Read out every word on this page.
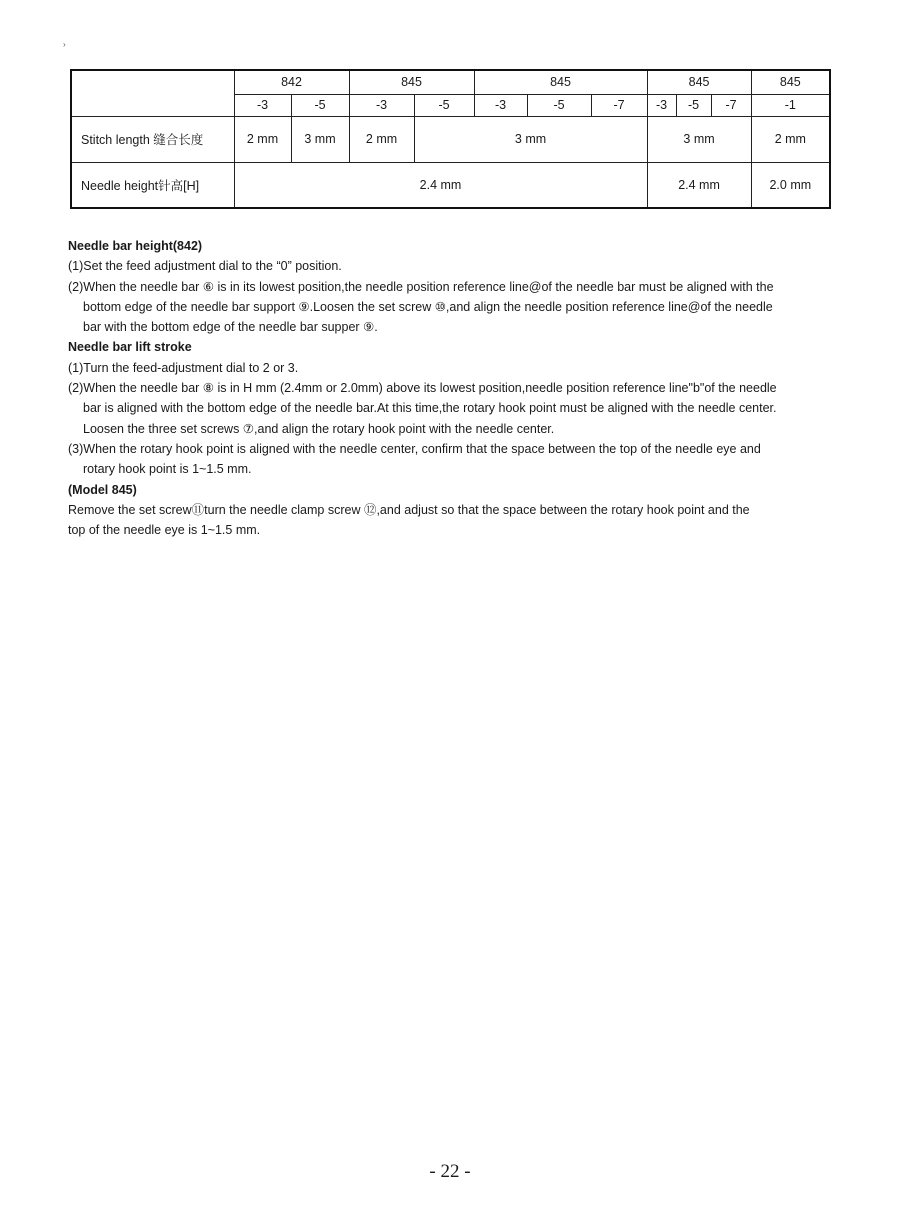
›
	842		845		845			845			845
	-3	-5	-3	-5	-3	-5	-7	-3	-5	-7	-1
Stitch length 缝合长度	2 mm	3 mm	2 mm	3 mm				3 mm			2 mm
Needle height针高[H]	2.4 mm							2.4 mm			2.0 mm

Needle bar height(842)

(1)Set the feed adjustment dial to the “0” position.

(2)When the needle bar ⑥ is in its lowest position,the needle position reference line@of the needle bar must be aligned with the

bottom edge of the needle bar support ⑨.Loosen the set screw ⑩,and align the needle position reference line@of the needle

bar with the bottom edge of the needle bar supper ⑨.

Needle bar lift stroke

(1)Turn the feed-adjustment dial to 2 or 3.

(2)When the needle bar ⑧ is in H mm (2.4mm or 2.0mm) above its lowest position,needle position reference line"b"of the needle

bar is aligned with the bottom edge of the needle bar.At this time,the rotary hook point must be aligned with the needle center.

Loosen the three set screws ⑦,and align the rotary hook point with the needle center.

(3)When the rotary hook point is aligned with the needle center, confirm that the space between the top of the needle eye and

rotary hook point is 1~1.5 mm.

(Model 845)

Remove the set screw⑪turn the needle clamp screw ⑫,and adjust so that the space between the rotary hook point and the

top of the needle eye is 1~1.5 mm.

- 22 -
